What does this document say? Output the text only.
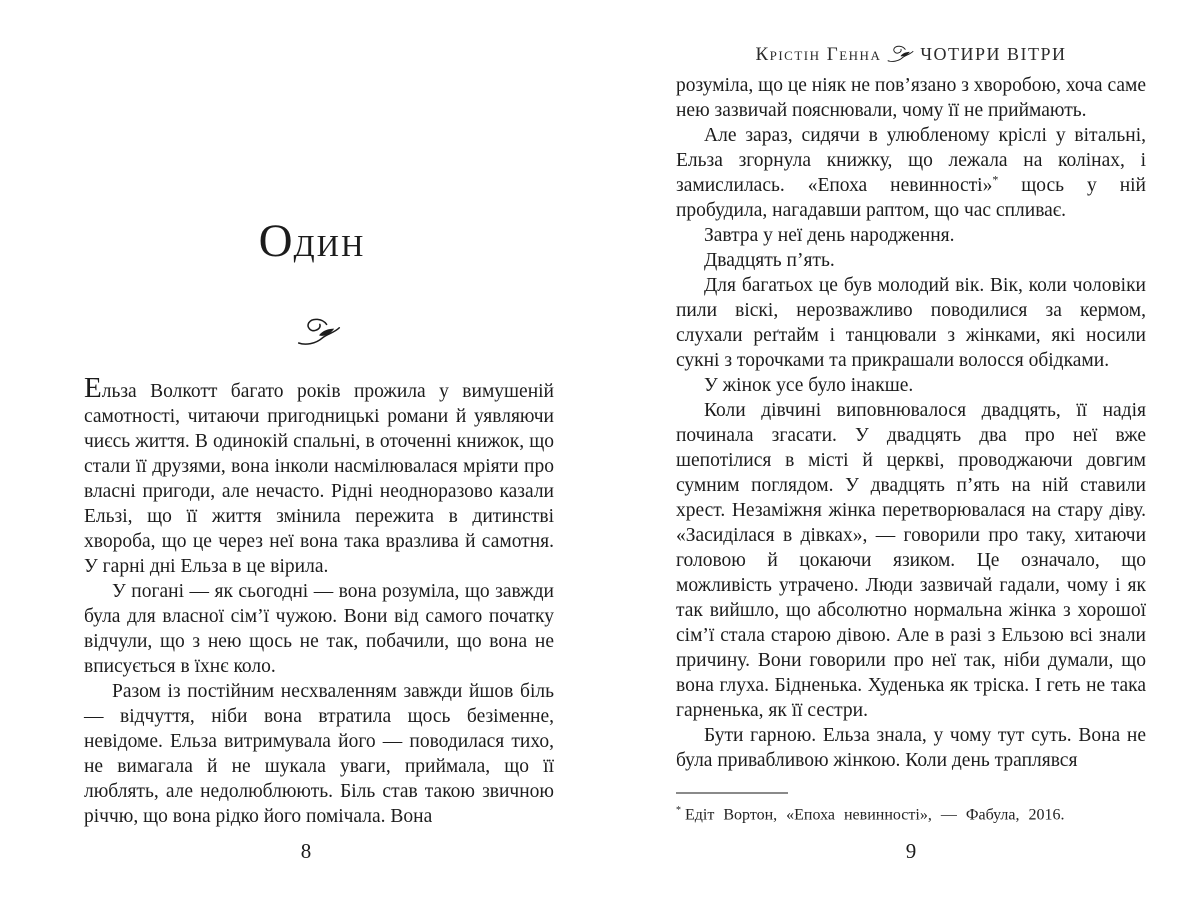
ОДИН

Ельза Волкотт багато років прожила у вимушеній самотності, читаючи пригодницькі романи й уявляючи чиєсь життя. В одинокій спальні, в оточенні книжок, що стали її друзями, вона інколи насмілювалася мріяти про власні пригоди, але нечасто. Рідні неодноразово казали Ельзі, що її життя змінила пережита в дитинстві хвороба, що це через неї вона така вразлива й самотня. У гарні дні Ельза в це вірила.

У погані — як сьогодні — вона розуміла, що завжди була для власної сім’ї чужою. Вони від самого початку відчули, що з нею щось не так, побачили, що вона не вписується в їхнє коло.

Разом із постійним несхваленням завжди йшов біль — відчуття, ніби вона втратила щось безіменне, невідоме. Ельза витримувала його — поводилася тихо, не вимагала й не шукала уваги, приймала, що її люблять, але недолюблюють. Біль став такою звичною річчю, що вона рідко його помічала. Вона

8
Крістін Генна ЧОТИРИ ВІТРИ

розуміла, що це ніяк не пов’язано з хворобою, хоча саме нею зазвичай пояснювали, чому її не приймають.

Але зараз, сидячи в улюбленому кріслі у вітальні, Ельза згорнула книжку, що лежала на колінах, і замислилась. «Епоха невинності»* щось у ній пробудила, нагадавши раптом, що час спливає.

Завтра у неї день народження.

Двадцять п’ять.

Для багатьох це був молодий вік. Вік, коли чоловіки пили віскі, нерозважливо поводилися за кермом, слухали реґтайм і танцювали з жінками, які носили сукні з торочками та прикрашали волосся обідками.

У жінок усе було інакше.

Коли дівчині виповнювалося двадцять, її надія починала згасати. У двадцять два про неї вже шепотілися в місті й церкві, проводжаючи довгим сумним поглядом. У двадцять п’ять на ній ставили хрест. Незаміжня жінка перетворювалася на стару діву. «Засиділася в дівках», — говорили про таку, хитаючи головою й цокаючи язиком. Це означало, що можливість утрачено. Люди зазвичай гадали, чому і як так вийшло, що абсолютно нормальна жінка з хорошої сім’ї стала старою дівою. Але в разі з Ельзою всі знали причину. Вони говорили про неї так, ніби думали, що вона глуха. Бідненька. Худенька як тріска. І геть не така гарненька, як її сестри.

Бути гарною. Ельза знала, у чому тут суть. Вона не була привабливою жінкою. Коли день траплявся

* Едіт Вортон, «Епоха невинності», — Фабула, 2016.
9
